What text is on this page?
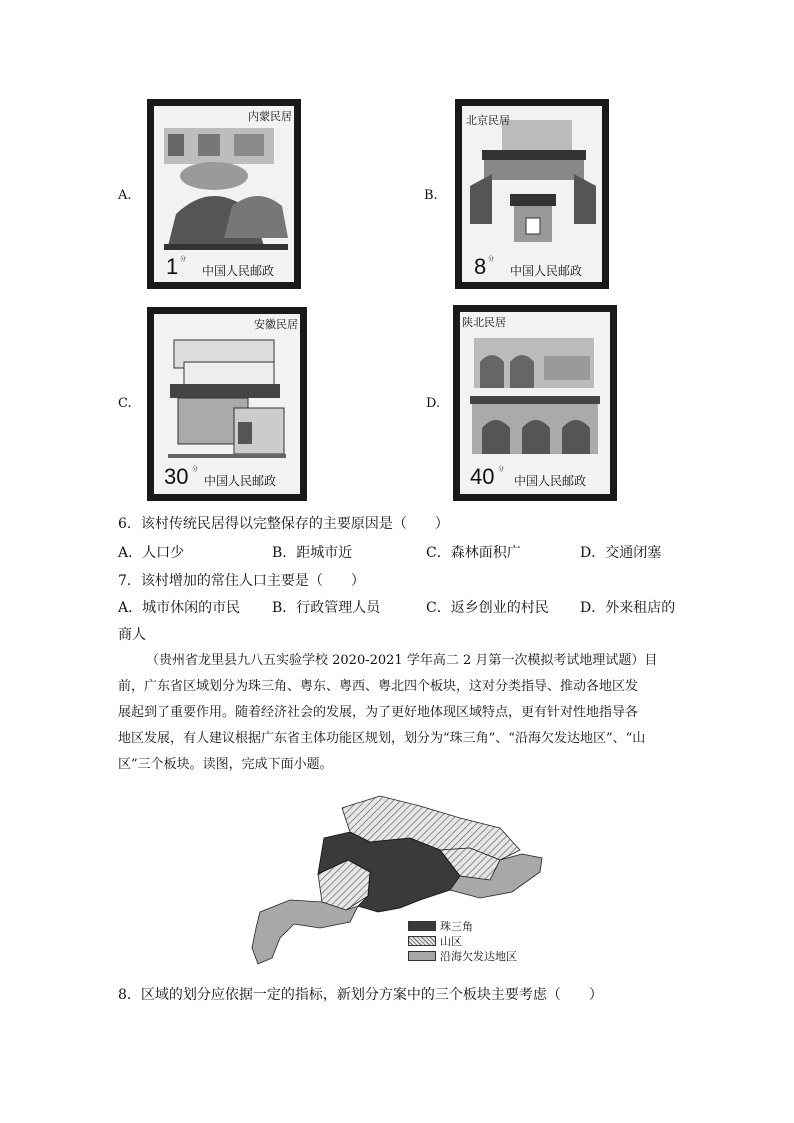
A.
内蒙民居
1 分
中国人民邮政
B.
北京民居
8 分
中国人民邮政
C.
安徽民居
30 分
中国人民邮政
D.
陕北民居
40 分
中国人民邮政
6．该村传统民居得以完整保存的主要原因是（　　）
A．人口少	B．距城市近	C．森林面积广	D．交通闭塞
7．该村增加的常住人口主要是（　　）
A．城市休闲的市民 B．行政管理人员	C．返乡创业的村民 D．外来租店的
商人
（贵州省龙里县九八五实验学校 2020-2021 学年高二 2 月第一次模拟考试地理试题）目
前，广东省区域划分为珠三角、粤东、粤西、粤北四个板块，这对分类指导、推动各地区发
展起到了重要作用。随着经济社会的发展，为了更好地体现区域特点，更有针对性地指导各
地区发展，有人建议根据广东省主体功能区规划，划分为“珠三角”、“沿海欠发达地区”、“山
区”三个板块。读图，完成下面小题。
珠三角
山区
沿海欠发达地区
8．区域的划分应依据一定的指标，新划分方案中的三个板块主要考虑（　　）
